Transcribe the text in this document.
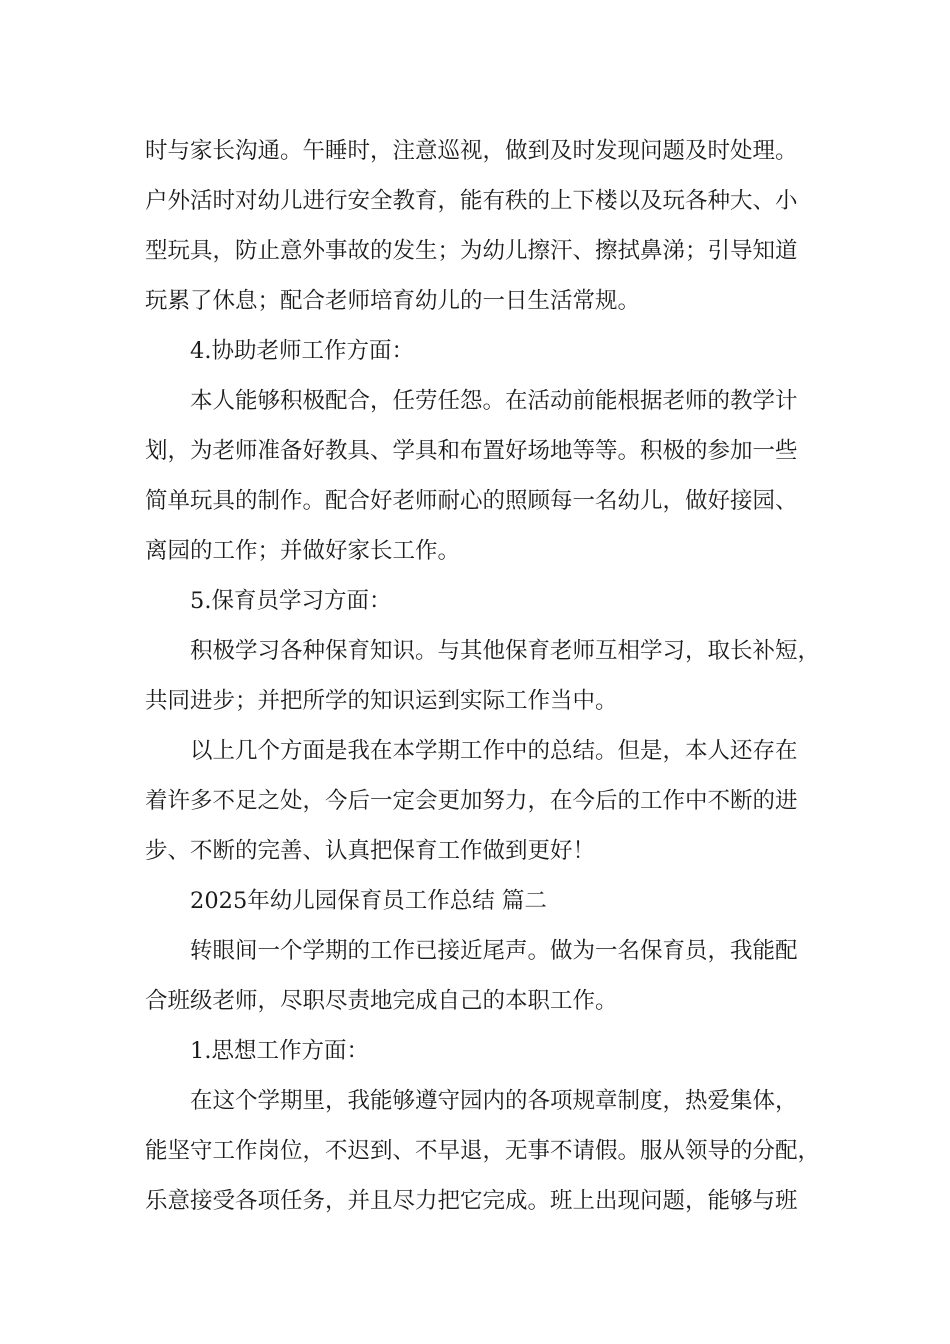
时与家长沟通。午睡时，注意巡视，做到及时发现问题及时处理。
户外活时对幼儿进行安全教育，能有秩的上下楼以及玩各种大、小
型玩具，防止意外事故的发生；为幼儿擦汗、擦拭鼻涕；引导知道
玩累了休息；配合老师培育幼儿的一日生活常规。
4.协助老师工作方面：
本人能够积极配合，任劳任怨。在活动前能根据老师的教学计
划，为老师准备好教具、学具和布置好场地等等。积极的参加一些
简单玩具的制作。配合好老师耐心的照顾每一名幼儿，做好接园、
离园的工作；并做好家长工作。
5.保育员学习方面：
积极学习各种保育知识。与其他保育老师互相学习，取长补短，
共同进步；并把所学的知识运到实际工作当中。
以上几个方面是我在本学期工作中的总结。但是，本人还存在
着许多不足之处，今后一定会更加努力，在今后的工作中不断的进
步、不断的完善、认真把保育工作做到更好！
2025年幼儿园保育员工作总结 篇二
转眼间一个学期的工作已接近尾声。做为一名保育员，我能配
合班级老师，尽职尽责地完成自己的本职工作。
1.思想工作方面：
在这个学期里，我能够遵守园内的各项规章制度，热爱集体，
能坚守工作岗位，不迟到、不早退，无事不请假。服从领导的分配，
乐意接受各项任务，并且尽力把它完成。班上出现问题，能够与班
